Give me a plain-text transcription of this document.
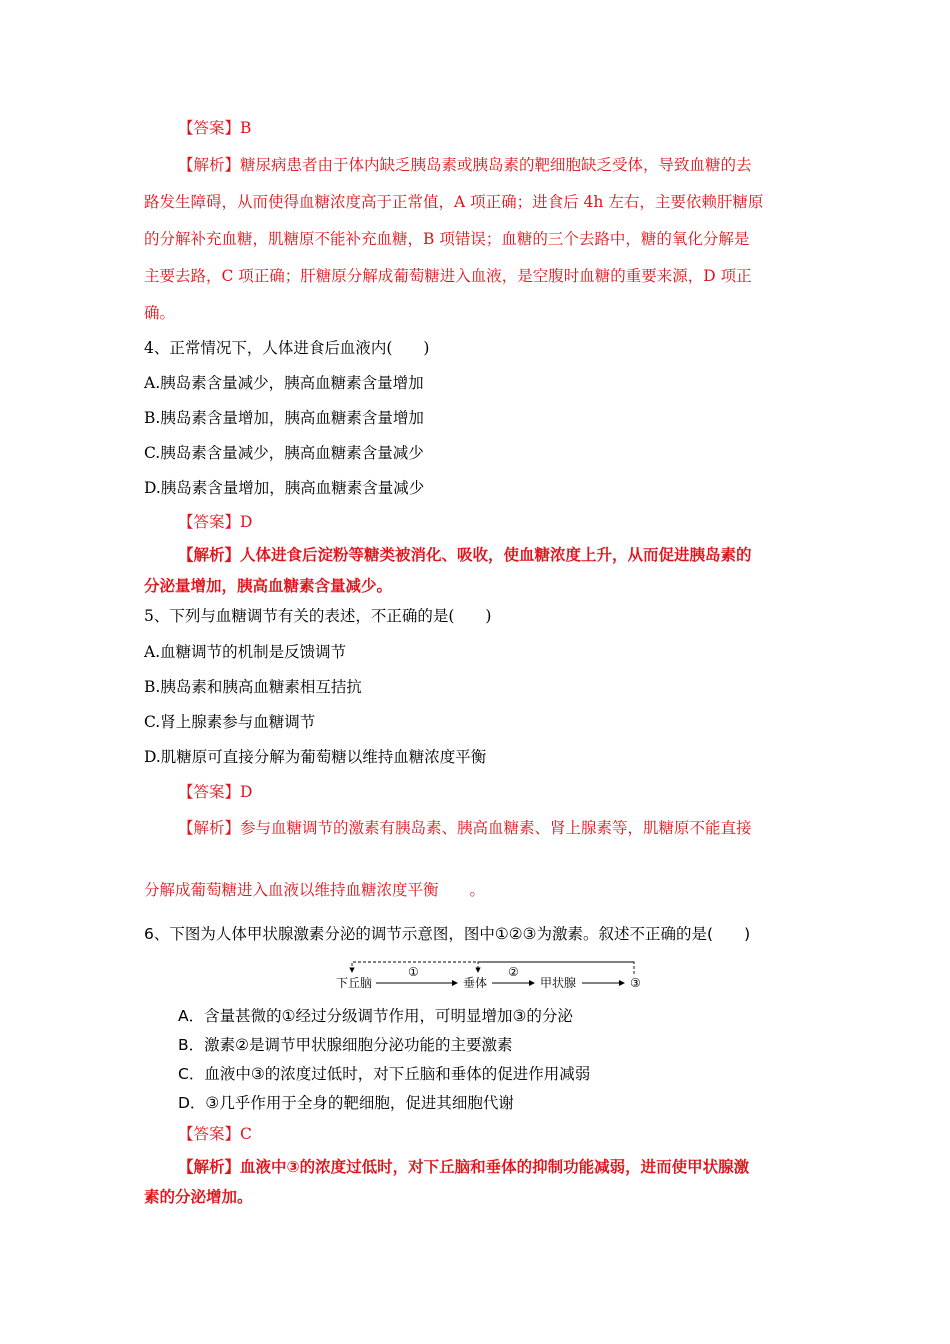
【答案】B
【解析】糖尿病患者由于体内缺乏胰岛素或胰岛素的靶细胞缺乏受体，导致血糖的去
路发生障碍，从而使得血糖浓度高于正常值，A 项正确；进食后 4h 左右，主要依赖肝糖原
的分解补充血糖，肌糖原不能补充血糖，B 项错误；血糖的三个去路中，糖的氧化分解是
主要去路，C 项正确；肝糖原分解成葡萄糖进入血液，是空腹时血糖的重要来源，D 项正
确。
4、正常情况下，人体进食后血液内(　　)
A.胰岛素含量减少，胰高血糖素含量增加
B.胰岛素含量增加，胰高血糖素含量增加
C.胰岛素含量减少，胰高血糖素含量减少
D.胰岛素含量增加，胰高血糖素含量减少
【答案】D
【解析】人体进食后淀粉等糖类被消化、吸收，使血糖浓度上升，从而促进胰岛素的
分泌量增加，胰高血糖素含量减少。
5、下列与血糖调节有关的表述，不正确的是(　　)
A.血糖调节的机制是反馈调节
B.胰岛素和胰高血糖素相互拮抗
C.肾上腺素参与血糖调节
D.肌糖原可直接分解为葡萄糖以维持血糖浓度平衡
【答案】D
【解析】参与血糖调节的激素有胰岛素、胰高血糖素、肾上腺素等，肌糖原不能直接
分解成葡萄糖进入血液以维持血糖浓度平衡　　。
6、下图为人体甲状腺激素分泌的调节示意图，图中①②③为激素。叙述不正确的是(　　)
下丘脑	垂体	甲状腺	③
①	②
A．含量甚微的①经过分级调节作用，可明显增加③的分泌
B．激素②是调节甲状腺细胞分泌功能的主要激素
C．血液中③的浓度过低时，对下丘脑和垂体的促进作用减弱
D．③几乎作用于全身的靶细胞，促进其细胞代谢
【答案】C
【解析】血液中③的浓度过低时，对下丘脑和垂体的抑制功能减弱，进而使甲状腺激
素的分泌增加。
